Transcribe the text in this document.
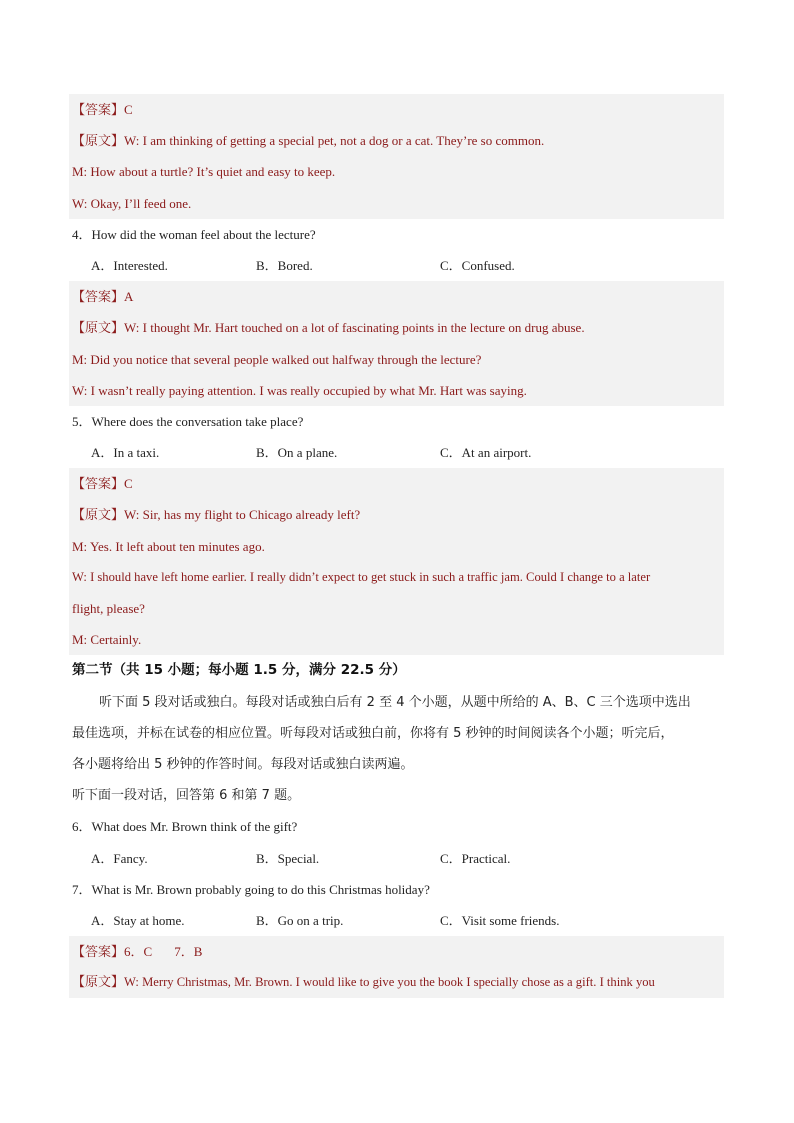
【答案】C
【原文】W: I am thinking of getting a special pet, not a dog or a cat. They’re so common.
M: How about a turtle? It’s quiet and easy to keep.
W: Okay, I’ll feed one.
4．How did the woman feel about the lecture?
A．Interested.	B．Bored.	C．Confused.
【答案】A
【原文】W: I thought Mr. Hart touched on a lot of fascinating points in the lecture on drug abuse.
M: Did you notice that several people walked out halfway through the lecture?
W: I wasn’t really paying attention. I was really occupied by what Mr. Hart was saying.
5．Where does the conversation take place?
A．In a taxi.	B．On a plane.	C．At an airport.
【答案】C
【原文】W: Sir, has my flight to Chicago already left?
M: Yes. It left about ten minutes ago.
W: I should have left home earlier. I really didn’t expect to get stuck in such a traffic jam. Could I change to a later
flight, please?
M: Certainly.
第二节（共 15 小题；每小题 1.5 分，满分 22.5 分）
听下面 5 段对话或独白。每段对话或独白后有 2 至 4 个小题，从题中所给的 A、B、C 三个选项中选出
最佳选项，并标在试卷的相应位置。听每段对话或独白前，你将有 5 秒钟的时间阅读各个小题；听完后，
各小题将给出 5 秒钟的作答时间。每段对话或独白读两遍。
听下面一段对话，回答第 6 和第 7 题。
6．What does Mr. Brown think of the gift?
A．Fancy.	B．Special.	C．Practical.
7．What is Mr. Brown probably going to do this Christmas holiday?
A．Stay at home.	B．Go on a trip.	C．Visit some friends.
【答案】6．C 7．B
【原文】W: Merry Christmas, Mr. Brown. I would like to give you the book I specially chose as a gift. I think you
